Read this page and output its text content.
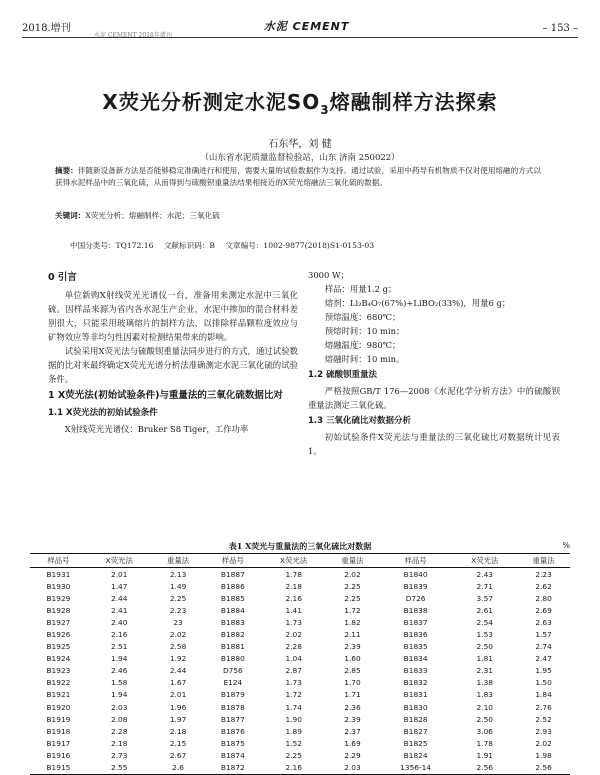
2018.增刊	水泥 CEMENT	– 153 –
水泥 CEMENT 2018年增刊
X荧光分析测定水泥$SO_3$熔融制样方法探索
石东华，刘 健
（山东省水泥质量监督检验站，山东 济南 250022）
摘要：伴随新设备新方法是否能够稳定准确进行和使用，需要大量的试验数据作为支持。通过试验，采用中药导有机物质不仅对使用熔融的方式以获得水泥样品中的三氧化硫，从而得到与硫酸钡重量法结果相接近的X荧光熔融法三氧化硫的数据。
关键词：X荧光分析；熔融制样；水泥；三氧化硫
中国分类号：TQ172.16 文献标识码：B 文章编号：1002-9877(2018)S1-0153-03
0 引言

单位新购X射线荧光光谱仪一台，准备用来测定水泥中三氧化硫。因样品来源为省内各水泥生产企业，水泥中掺加的混合材料差别很大，只能采用玻璃熔片的制样方法，以排除样品颗粒度效应与矿物效应等非均匀性因素对检测结果带来的影响。

试验采用X荧光法与硫酸钡重量法同步进行的方式，通过试验数据的比对来最终确定X荧光光谱分析法准确测定水泥三氧化硫的试验条件。

1 X荧光法(初始试验条件)与重量法的三氧化硫数据比对
1.1 X荧光法的初始试验条件

X射线荧光光谱仪：Bruker S8 Tiger，工作功率

3000 W；
样品：用量1.2 g；
熔剂：Li₂B₄O₇(67%)+LiBO₂(33%)，用量6 g；
预熔温度：680℃；
预熔时间：10 min；
熔融温度：980℃；
熔融时间：10 min。
1.2 硫酸钡重量法

严格按照GB/T 176—2008《水泥化学分析方法》中的硫酸钡重量法测定三氧化硫。

1.3 三氧化硫比对数据分析

初始试验条件X荧光法与重量法的三氧化硫比对数据统计见表1。

表1 X荧光与重量法的三氧化硫比对数据	%
样品号	X荧光法	重量法	样品号	X荧光法	重量法	样品号	X荧光法	重量法
B1931	2.01	2.13	B1887	1.78	2.02	B1840	2.43	2.23
B1930	1.47	1.49	B1886	2.18	2.25	B1839	2.71	2.62
B1929	2.44	2.25	B1885	2.16	2.25	D726	3.57	2.80
B1928	2.41	2.23	B1884	1.41	1.72	B1838	2.61	2.69
B1927	2.40	23	B1883	1.73	1.82	B1837	2.54	2.63
B1926	2.16	2.02	B1882	2.02	2.11	B1836	1.53	1.57
B1925	2.51	2.58	B1881	2.28	2.39	B1835	2.50	2.74
B1924	1.94	1.92	B1880	1.04	1.60	B1834	1.81	2.47
B1923	2.46	2.44	D756	2.87	2.85	B1833	2.31	1.95
B1922	1.58	1.67	E124	1.73	1.70	B1832	1.38	1.50
B1921	1.94	2.01	B1879	1.72	1.71	B1831	1.83	1.84
B1920	2.03	1.96	B1878	1.74	2.36	B1830	2.10	2.76
B1919	2.08	1.97	B1877	1.90	2.39	B1828	2.50	2.52
B1918	2.28	2.18	B1876	1.89	2.37	B1827	3.06	2.93
B1917	2.18	2.15	B1875	1.52	1.69	B1825	1.78	2.02
B1916	2.73	2.67	B1874	2.25	2.29	B1824	1.91	1.98
B1915	2.55	2.6	B1872	2.16	2.03	1356-14	2.56	2.56
